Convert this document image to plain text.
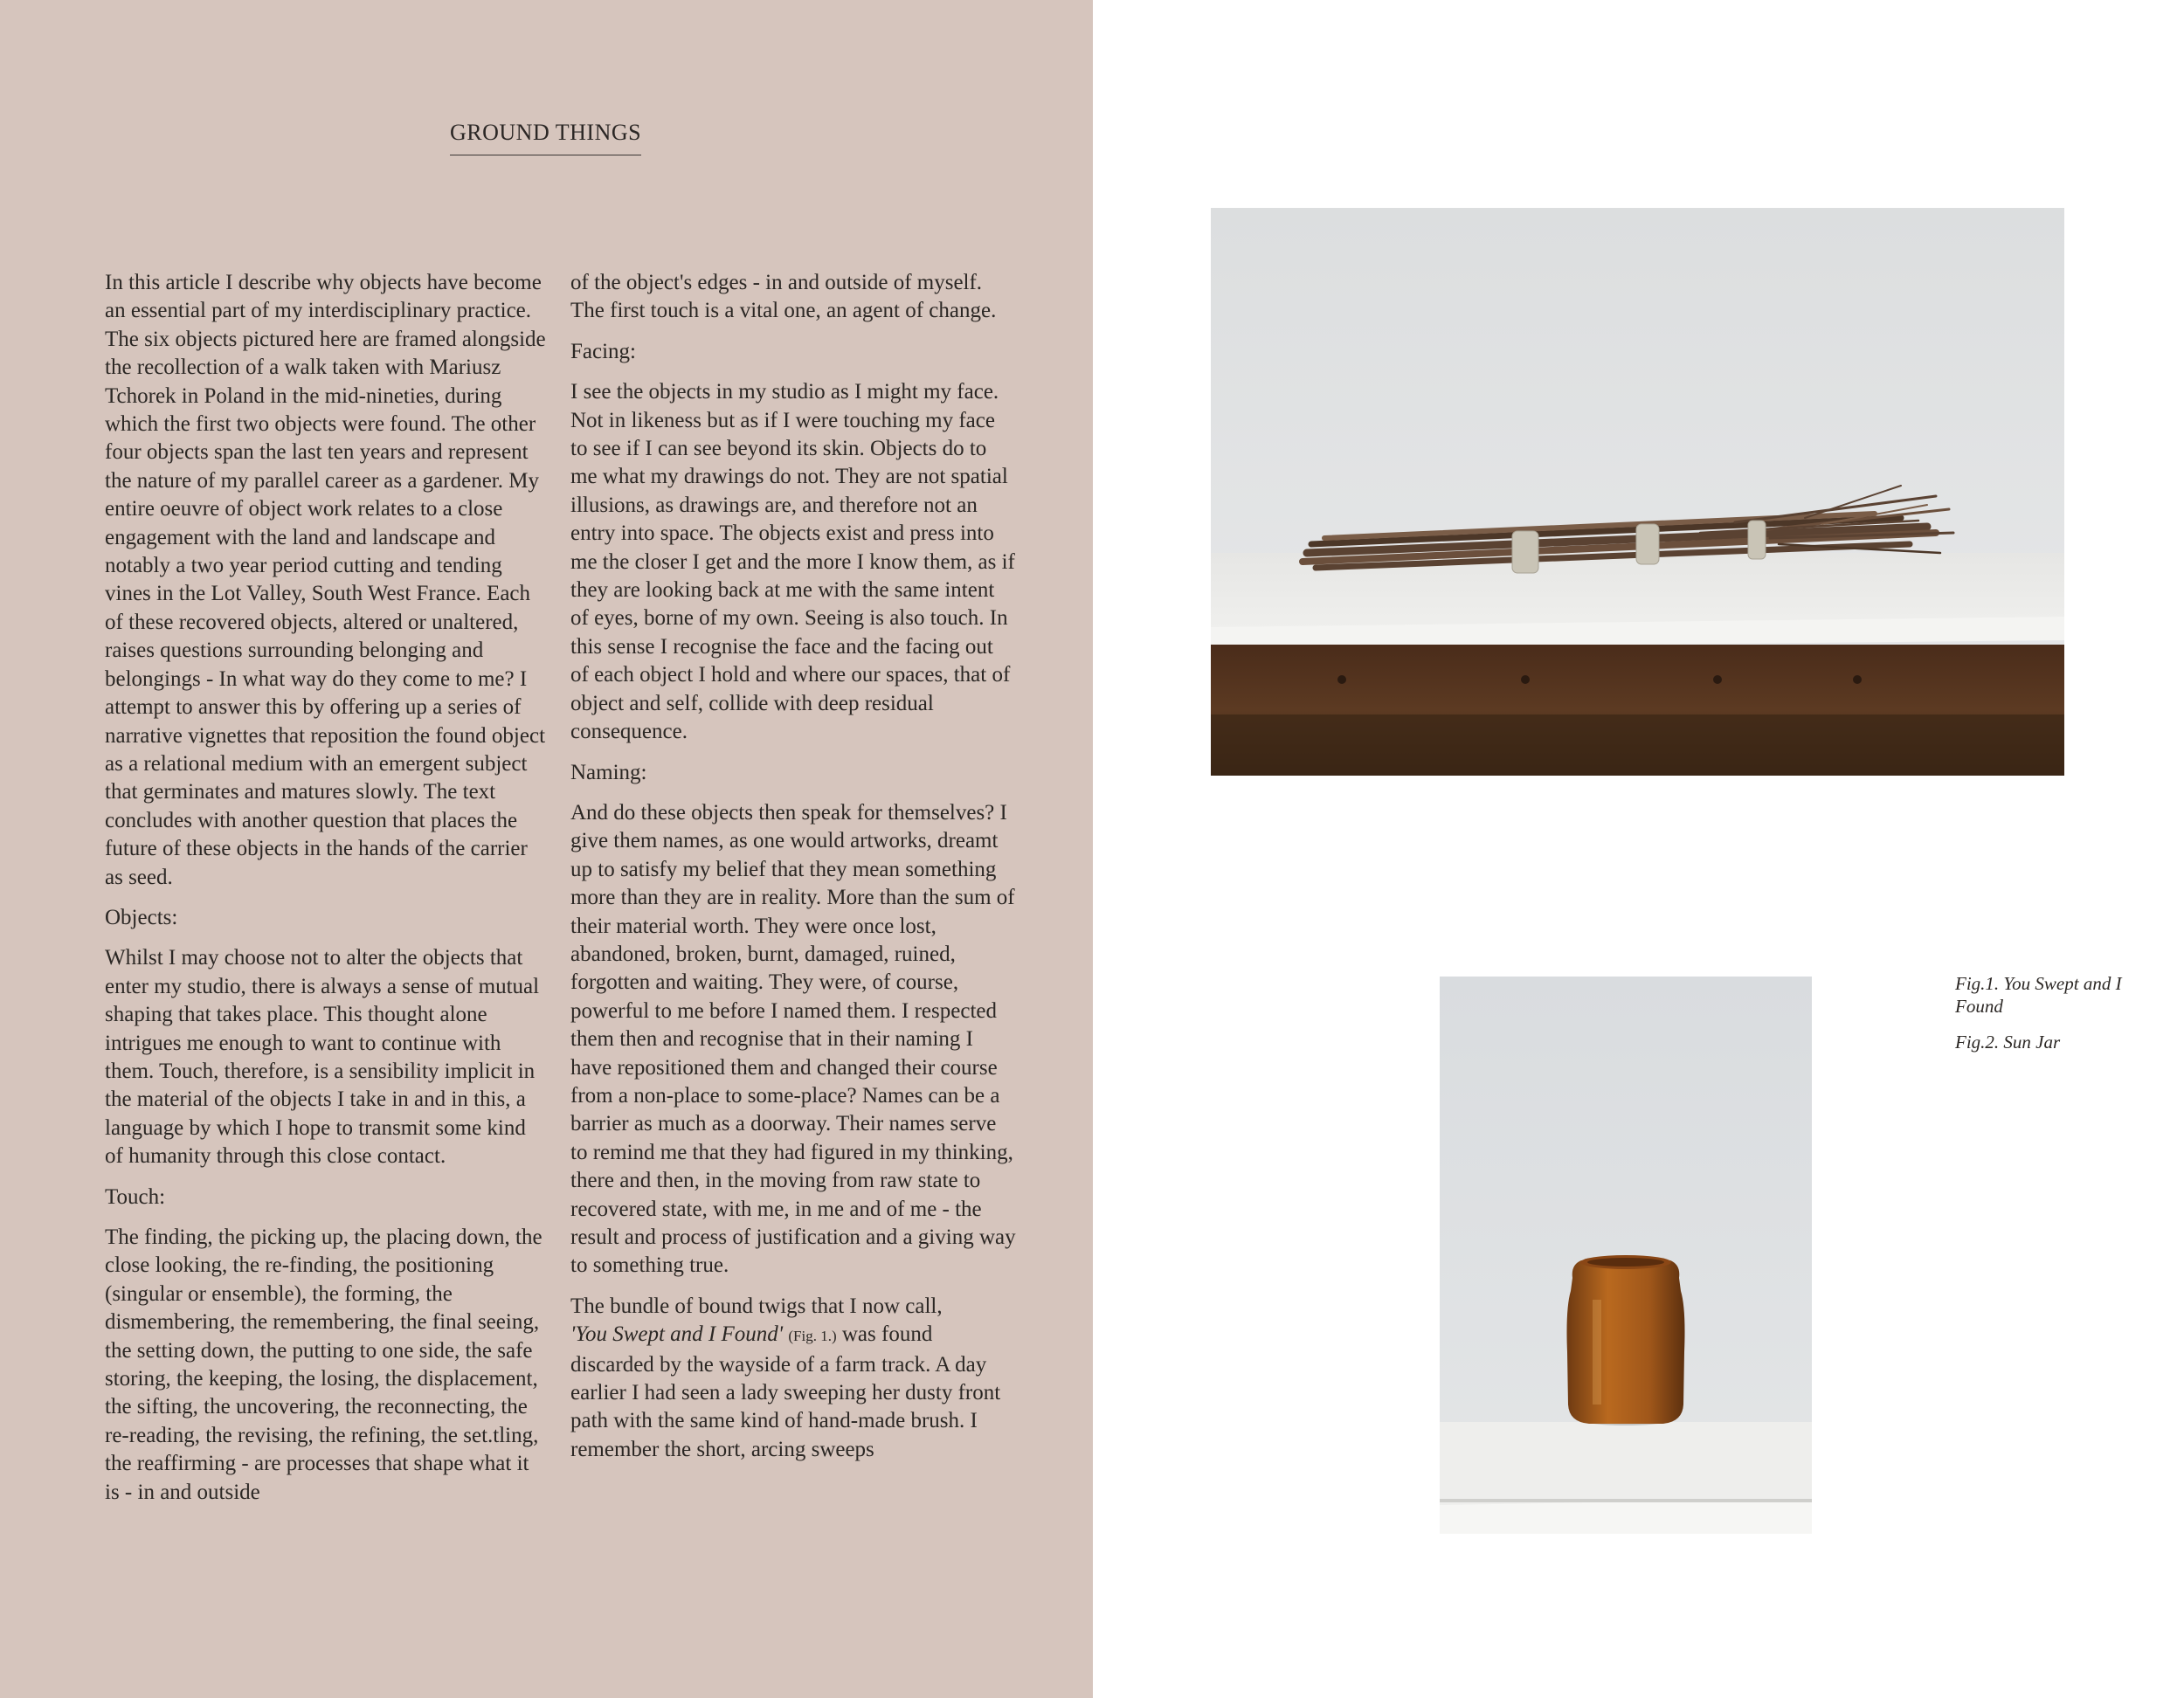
GROUND THINGS

In this article I describe why objects have become an essential part of my interdisciplinary practice. The six objects pictured here are framed alongside the recollection of a walk taken with Mariusz Tchorek in Poland in the mid-nineties, during which the first two objects were found. The other four objects span the last ten years and represent the nature of my parallel career as a gardener. My entire oeuvre of object work relates to a close engagement with the land and landscape and notably a two year period cutting and tending vines in the Lot Valley, South West France. Each of these recovered objects, altered or unaltered, raises questions surrounding belonging and belongings - In what way do they come to me? I attempt to answer this by offering up a series of narrative vignettes that reposition the found object as a relational medium with an emergent subject that germinates and matures slowly. The text concludes with another question that places the future of these objects in the hands of the carrier as seed.

Objects:

Whilst I may choose not to alter the objects that enter my studio, there is always a sense of mutual shaping that takes place. This thought alone intrigues me enough to want to continue with them. Touch, therefore, is a sensibility implicit in the material of the objects I take in and in this, a language by which I hope to transmit some kind of humanity through this close contact.

Touch:

The finding, the picking up, the placing down, the close looking, the re-finding, the positioning (singular or ensemble), the forming, the dismembering, the remembering, the final seeing, the setting down, the putting to one side, the safe storing, the keeping, the losing, the displacement, the sifting, the uncovering, the reconnecting, the re-reading, the revising, the refining, the set.tling, the reaffirming - are processes that shape what it is - in and outside

of the object's edges - in and outside of myself. The first touch is a vital one, an agent of change.

Facing:

I see the objects in my studio as I might my face. Not in likeness but as if I were touching my face to see if I can see beyond its skin. Objects do to me what my drawings do not. They are not spatial illusions, as drawings are, and therefore not an entry into space. The objects exist and press into me the closer I get and the more I know them, as if they are looking back at me with the same intent of eyes, borne of my own. Seeing is also touch. In this sense I recognise the face and the facing out of each object I hold and where our spaces, that of object and self, collide with deep residual consequence.

Naming:

And do these objects then speak for themselves? I give them names, as one would artworks, dreamt up to satisfy my belief that they mean something more than they are in reality. More than the sum of their material worth. They were once lost, abandoned, broken, burnt, damaged, ruined, forgotten and waiting. They were, of course, powerful to me before I named them. I respected them then and recognise that in their naming I have repositioned them and changed their course from a non-place to some-place? Names can be a barrier as much as a doorway. Their names serve to remind me that they had figured in my thinking, there and then, in the moving from raw state to recovered state, with me, in me and of me - the result and process of justification and a giving way to something true.

The bundle of bound twigs that I now call,
'You Swept and I Found' (Fig. 1.) was found discarded by the wayside of a farm track. A day earlier I had seen a lady sweeping her dusty front path with the same kind of hand-made brush. I remember the short, arcing sweeps

Fig.1. You Swept and I Found
Fig.2. Sun Jar
